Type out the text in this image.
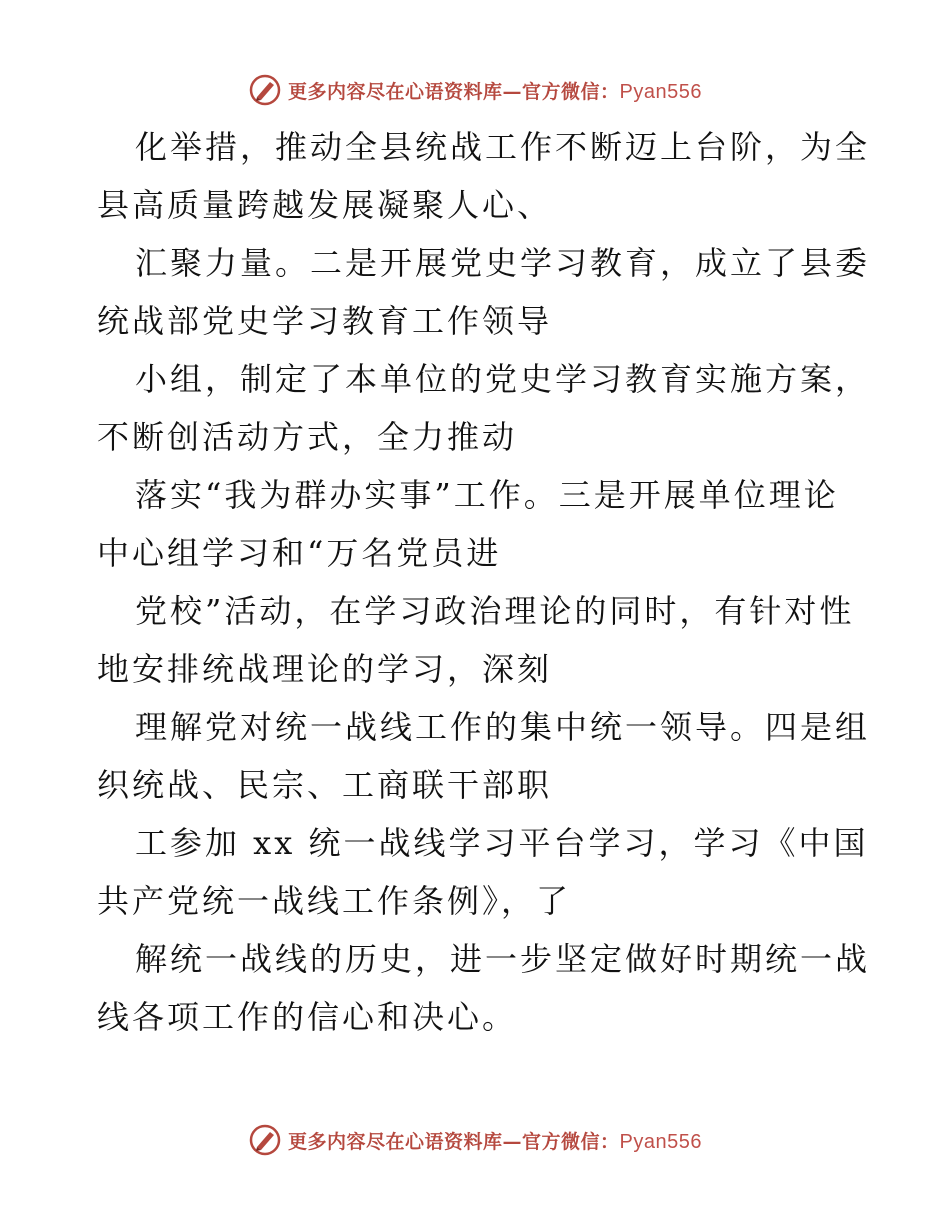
更多内容尽在心语资料库—官方微信：Pyan556

化举措，推动全县统战工作不断迈上台阶，为全

县高质量跨越发展凝聚人心、

汇聚力量。二是开展党史学习教育，成立了县委

统战部党史学习教育工作领导

小组，制定了本单位的党史学习教育实施方案，

不断创活动方式，全力推动

落实“我为群办实事”工作。三是开展单位理论

中心组学习和“万名党员进

党校”活动，在学习政治理论的同时，有针对性

地安排统战理论的学习，深刻

理解党对统一战线工作的集中统一领导。四是组

织统战、民宗、工商联干部职

工参加 xx 统一战线学习平台学习，学习《中国

共产党统一战线工作条例》，了

解统一战线的历史，进一步坚定做好时期统一战

线各项工作的信心和决心。

更多内容尽在心语资料库—官方微信：Pyan556
